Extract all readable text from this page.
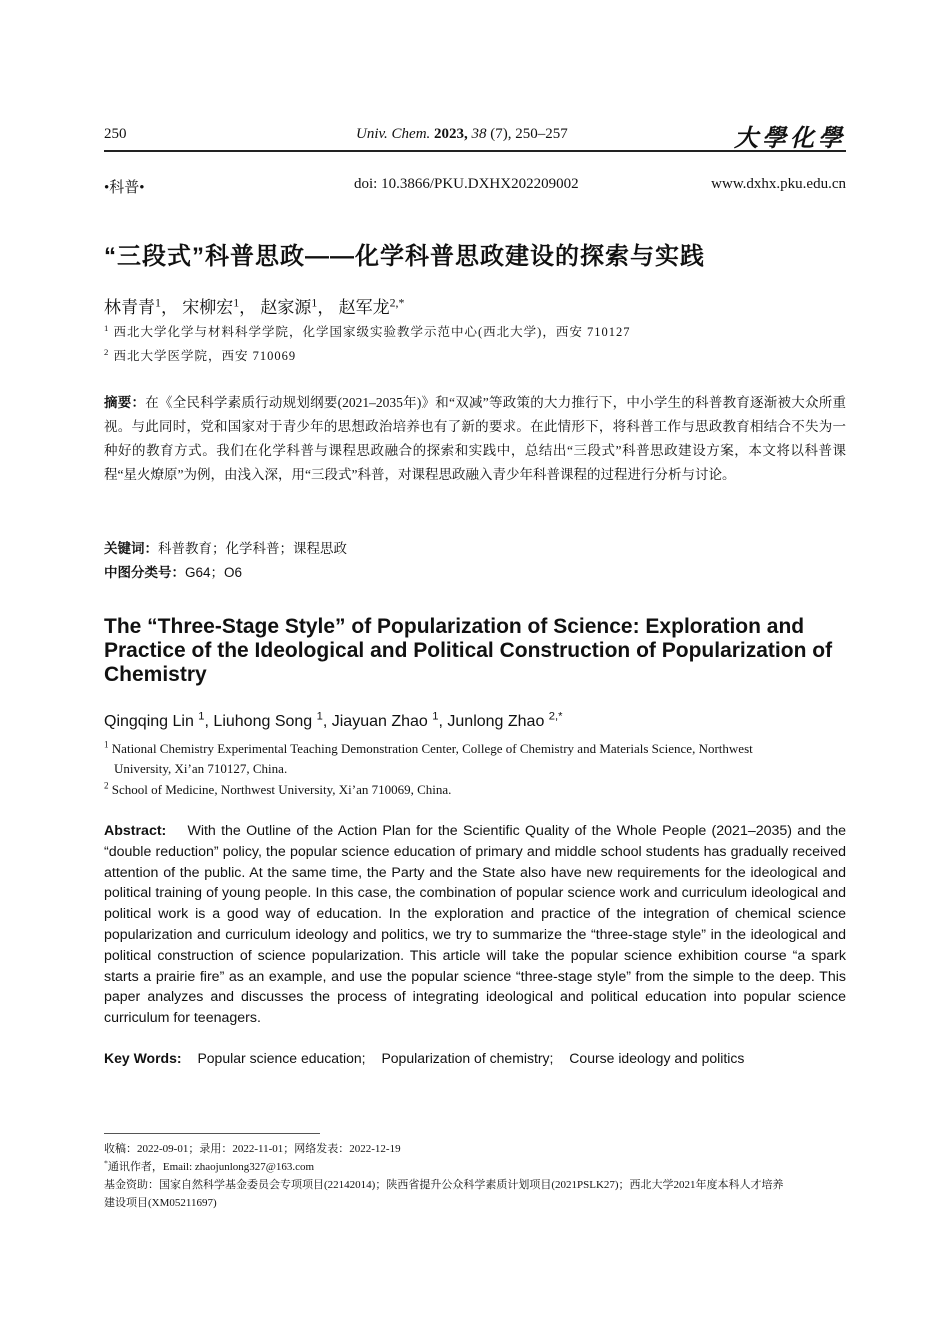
250	Univ. Chem. 2023, 38 (7), 250–257	大學化學
•科普•	doi: 10.3866/PKU.DXHX202209002	www.dxhx.pku.edu.cn
“三段式”科普思政——化学科普思政建设的探索与实践
林青青$^1$， 宋柳宏$^1$， 赵家源$^1$， 赵军龙$^{2,*}$
$^1$ 西北大学化学与材料科学学院，化学国家级实验教学示范中心(西北大学)，西安 710127
$^2$ 西北大学医学院，西安 710069
摘要：在《全民科学素质行动规划纲要(2021–2035年)》和“双减”等政策的大力推行下，中小学生的科普教育逐渐被大众所重视。与此同时，党和国家对于青少年的思想政治培养也有了新的要求。在此情形下，将科普工作与思政教育相结合不失为一种好的教育方式。我们在化学科普与课程思政融合的探索和实践中，总结出“三段式”科普思政建设方案，本文将以科普课程“星火燎原”为例，由浅入深，用“三段式”科普，对课程思政融入青少年科普课程的过程进行分析与讨论。
关键词：科普教育；化学科普；课程思政
中图分类号：G64；O6
The “Three-Stage Style” of Popularization of Science: Exploration and Practice of the Ideological and Political Construction of Popularization of Chemistry
Qingqing Lin $^1$, Liuhong Song $^1$, Jiayuan Zhao $^1$, Junlong Zhao $^{2,*}$
$^1$ National Chemistry Experimental Teaching Demonstration Center, College of Chemistry and Materials Science, Northwest
University, Xi’an 710127, China.
$^2$ School of Medicine, Northwest University, Xi’an 710069, China.
Abstract: With the Outline of the Action Plan for the Scientific Quality of the Whole People (2021–2035) and the “double reduction” policy, the popular science education of primary and middle school students has gradually received attention of the public. At the same time, the Party and the State also have new requirements for the ideological and political training of young people. In this case, the combination of popular science work and curriculum ideological and political work is a good way of education. In the exploration and practice of the integration of chemical science popularization and curriculum ideology and politics, we try to summarize the “three-stage style” in the ideological and political construction of science popularization. This article will take the popular science exhibition course “a spark starts a prairie fire” as an example, and use the popular science “three-stage style” from the simple to the deep. This paper analyzes and discusses the process of integrating ideological and political education into popular science curriculum for teenagers.
Key Words: Popular science education; Popularization of chemistry; Course ideology and politics
收稿：2022-09-01；录用：2022-11-01；网络发表：2022-12-19
*通讯作者，Email: zhaojunlong327@163.com
基金资助：国家自然科学基金委员会专项项目(22142014)；陕西省提升公众科学素质计划项目(2021PSLK27)；西北大学2021年度本科人才培养
建设项目(XM05211697)
